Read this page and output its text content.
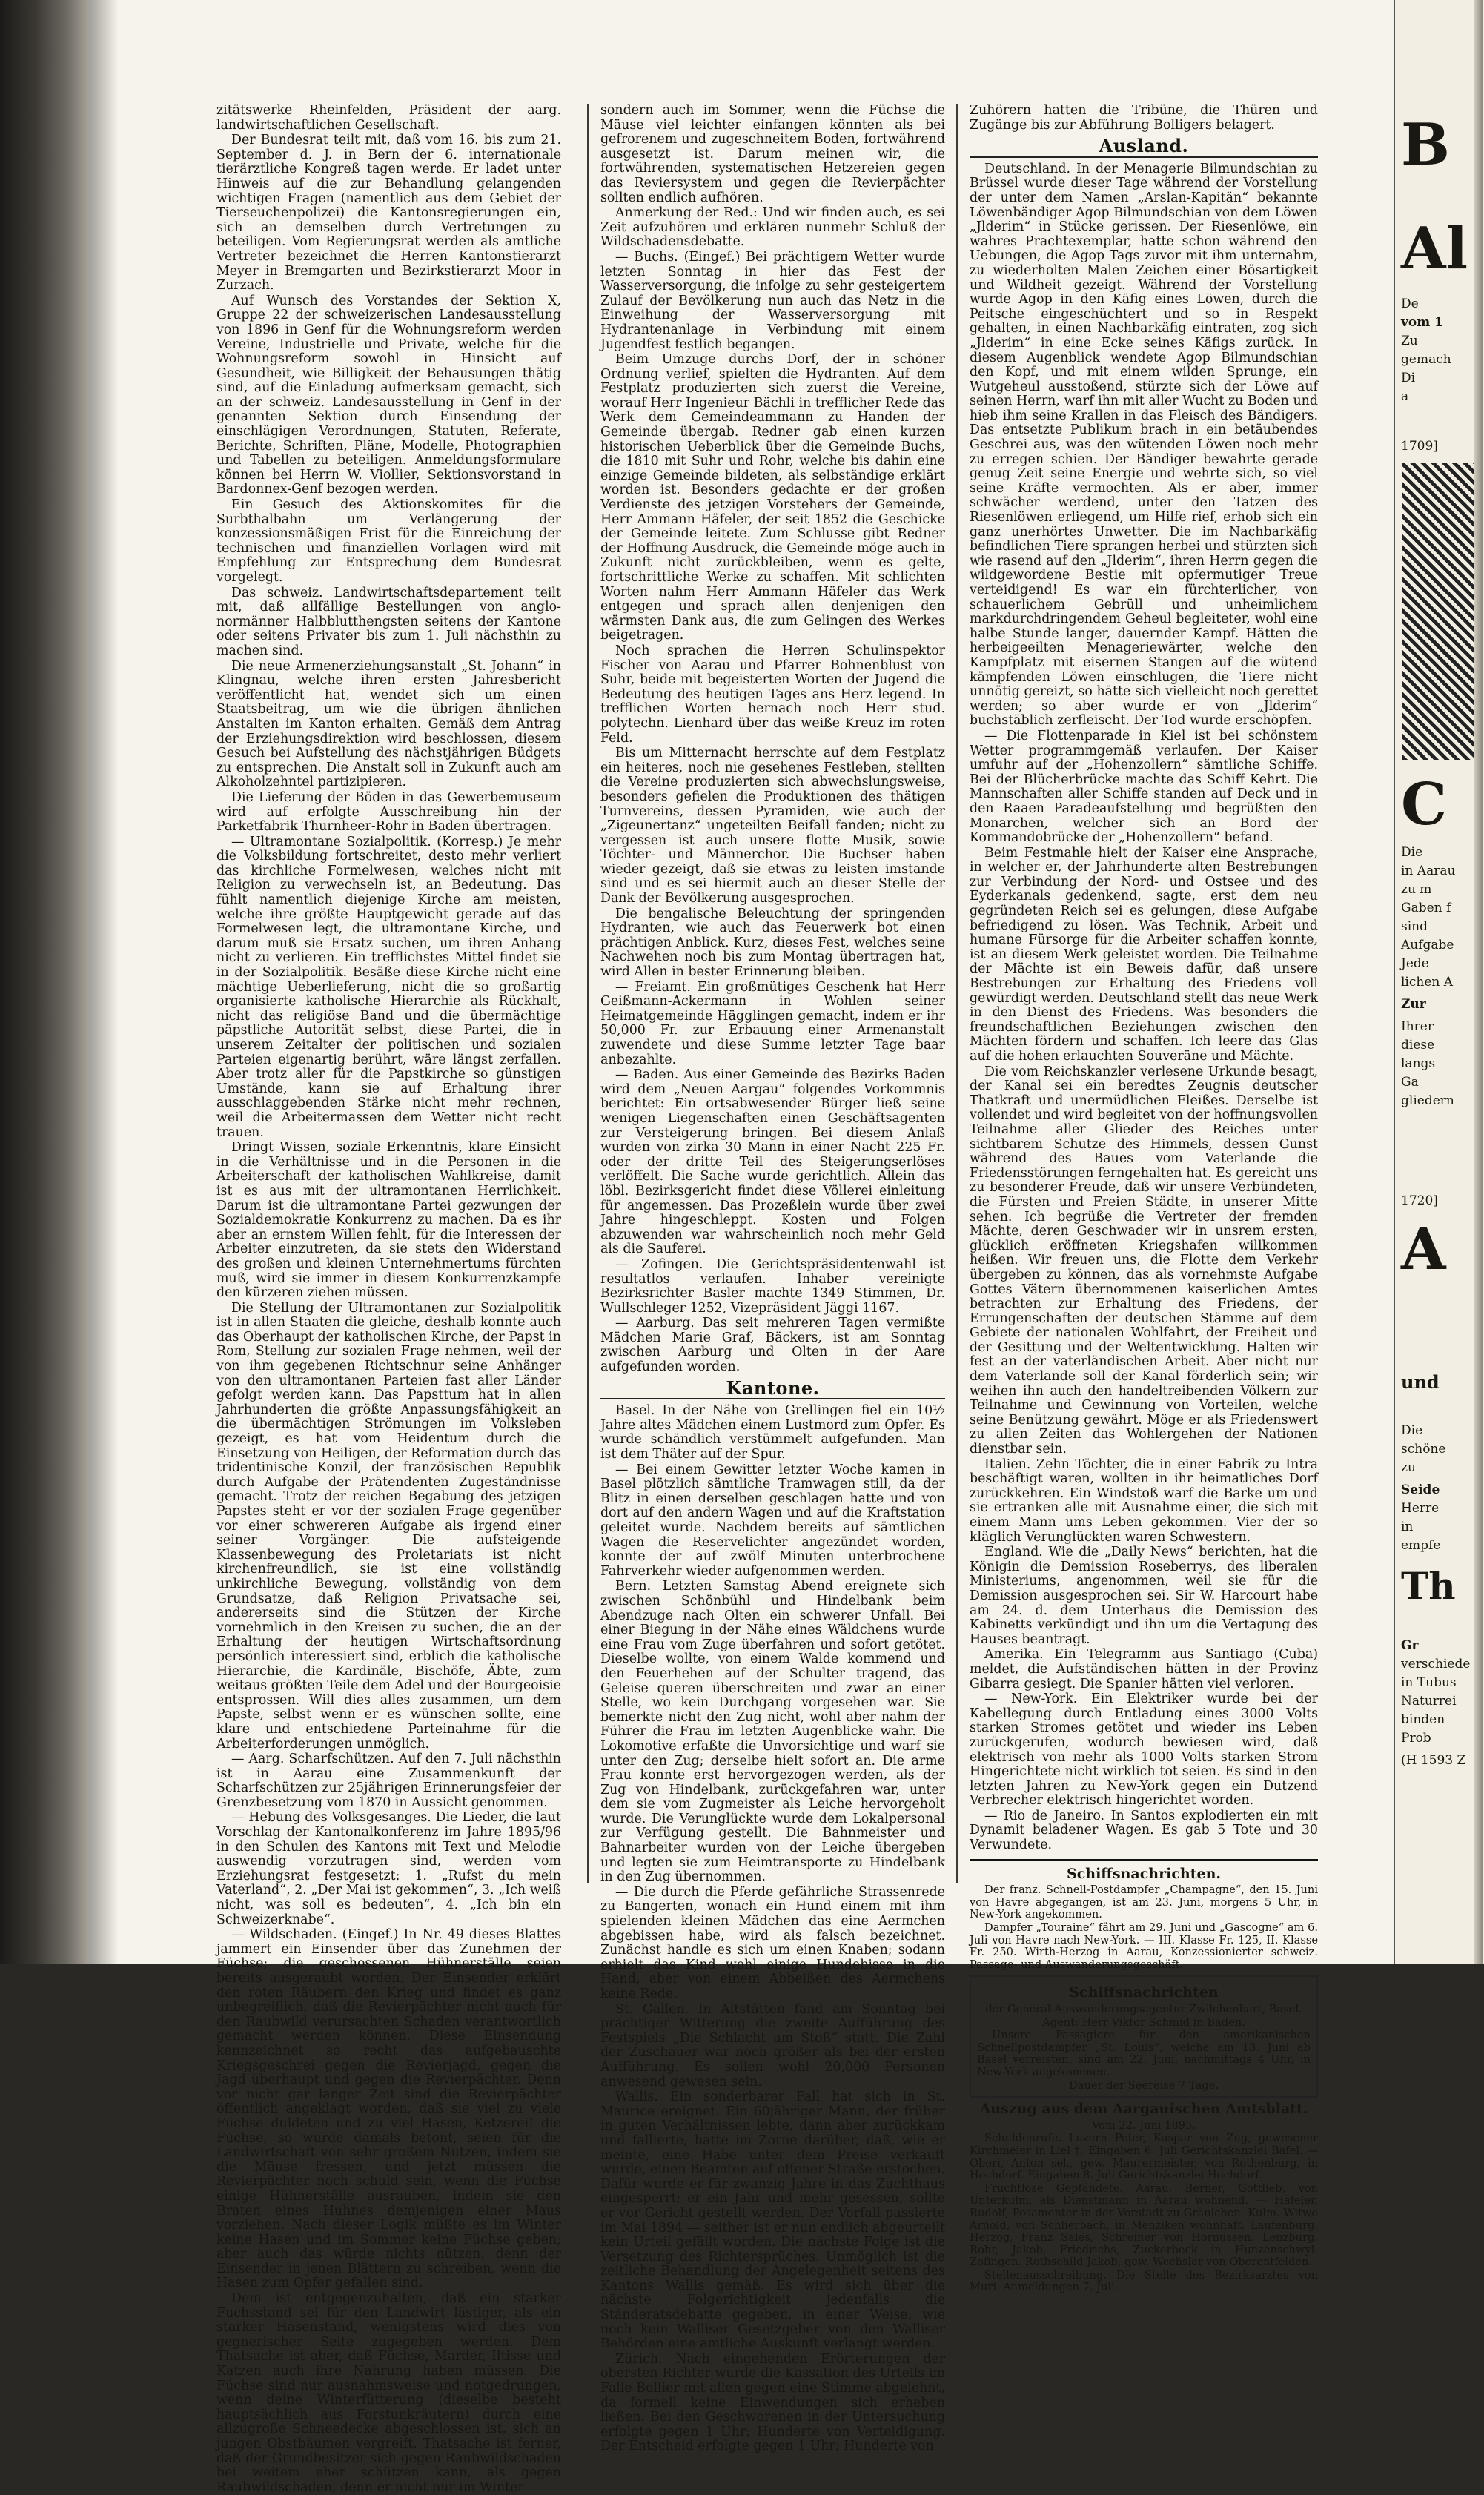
zitätswerke Rheinfelden, Präsident der aarg. landwirtschaftlichen Gesellschaft.

Der Bundesrat teilt mit, daß vom 16. bis zum 21. September d. J. in Bern der 6. internationale tierärztliche Kongreß tagen werde. Er ladet unter Hinweis auf die zur Behandlung gelangenden wichtigen Fragen (namentlich aus dem Gebiet der Tierseuchenpolizei) die Kantonsregierungen ein, sich an demselben durch Vertretungen zu beteiligen. Vom Regierungsrat werden als amtliche Vertreter bezeichnet die Herren Kantonstierarzt Meyer in Bremgarten und Bezirkstierarzt Moor in Zurzach.

Auf Wunsch des Vorstandes der Sektion X, Gruppe 22 der schweizerischen Landesausstellung von 1896 in Genf für die Wohnungsreform werden Vereine, Industrielle und Private, welche für die Wohnungsreform sowohl in Hinsicht auf Gesundheit, wie Billigkeit der Behausungen thätig sind, auf die Einladung aufmerksam gemacht, sich an der schweiz. Landesausstellung in Genf in der genannten Sektion durch Einsendung der einschlägigen Verordnungen, Statuten, Referate, Berichte, Schriften, Pläne, Modelle, Photographien und Tabellen zu beteiligen. Anmeldungsformulare können bei Herrn W. Viollier, Sektionsvorstand in Bardonnex-Genf bezogen werden.

Ein Gesuch des Aktionskomites für die Surbthalbahn um Verlängerung der konzessionsmäßigen Frist für die Einreichung der technischen und finanziellen Vorlagen wird mit Empfehlung zur Entsprechung dem Bundesrat vorgelegt.

Das schweiz. Landwirtschaftsdepartement teilt mit, daß allfällige Bestellungen von anglo-normänner Halbblutthengsten seitens der Kantone oder seitens Privater bis zum 1. Juli nächsthin zu machen sind.

Die neue Armenerziehungsanstalt „St. Johann“ in Klingnau, welche ihren ersten Jahresbericht veröffentlicht hat, wendet sich um einen Staatsbeitrag, um wie die übrigen ähnlichen Anstalten im Kanton erhalten. Gemäß dem Antrag der Erziehungsdirektion wird beschlossen, diesem Gesuch bei Aufstellung des nächstjährigen Büdgets zu entsprechen. Die Anstalt soll in Zukunft auch am Alkoholzehntel partizipieren.

Die Lieferung der Böden in das Gewerbemuseum wird auf erfolgte Ausschreibung hin der Parketfabrik Thurnheer-Rohr in Baden übertragen.

— Ultramontane Sozialpolitik. (Korresp.) Je mehr die Volksbildung fortschreitet, desto mehr verliert das kirchliche Formelwesen, welches nicht mit Religion zu verwechseln ist, an Bedeutung. Das fühlt namentlich diejenige Kirche am meisten, welche ihre größte Hauptgewicht gerade auf das Formelwesen legt, die ultramontane Kirche, und darum muß sie Ersatz suchen, um ihren Anhang nicht zu verlieren. Ein trefflichstes Mittel findet sie in der Sozialpolitik. Besäße diese Kirche nicht eine mächtige Ueberlieferung, nicht die so großartig organisierte katholische Hierarchie als Rückhalt, nicht das religiöse Band und die übermächtige päpstliche Autorität selbst, diese Partei, die in unserem Zeitalter der politischen und sozialen Parteien eigenartig berührt, wäre längst zerfallen. Aber trotz aller für die Papstkirche so günstigen Umstände, kann sie auf Erhaltung ihrer ausschlaggebenden Stärke nicht mehr rechnen, weil die Arbeitermassen dem Wetter nicht recht trauen.

Dringt Wissen, soziale Erkenntnis, klare Einsicht in die Verhältnisse und in die Personen in die Arbeiterschaft der katholischen Wahlkreise, damit ist es aus mit der ultramontanen Herrlichkeit. Darum ist die ultramontane Partei gezwungen der Sozialdemokratie Konkurrenz zu machen. Da es ihr aber an ernstem Willen fehlt, für die Interessen der Arbeiter einzutreten, da sie stets den Widerstand des großen und kleinen Unternehmertums fürchten muß, wird sie immer in diesem Konkurrenzkampfe den kürzeren ziehen müssen.

Die Stellung der Ultramontanen zur Sozialpolitik ist in allen Staaten die gleiche, deshalb konnte auch das Oberhaupt der katholischen Kirche, der Papst in Rom, Stellung zur sozialen Frage nehmen, weil der von ihm gegebenen Richtschnur seine Anhänger von den ultramontanen Parteien fast aller Länder gefolgt werden kann. Das Papsttum hat in allen Jahrhunderten die größte Anpassungsfähigkeit an die übermächtigen Strömungen im Volksleben gezeigt, es hat vom Heidentum durch die Einsetzung von Heiligen, der Reformation durch das tridentinische Konzil, der französischen Republik durch Aufgabe der Prätendenten Zugeständnisse gemacht. Trotz der reichen Begabung des jetzigen Papstes steht er vor der sozialen Frage gegenüber vor einer schwereren Aufgabe als irgend einer seiner Vorgänger. Die aufsteigende Klassenbewegung des Proletariats ist nicht kirchenfreundlich, sie ist eine vollständig unkirchliche Bewegung, vollständig von dem Grundsatze, daß Religion Privatsache sei, andererseits sind die Stützen der Kirche vornehmlich in den Kreisen zu suchen, die an der Erhaltung der heutigen Wirtschaftsordnung persönlich interessiert sind, erblich die katholische Hierarchie, die Kardinäle, Bischöfe, Äbte, zum weitaus größten Teile dem Adel und der Bourgeoisie entsprossen. Will dies alles zusammen, um dem Papste, selbst wenn er es wünschen sollte, eine klare und entschiedene Parteinahme für die Arbeiterforderungen unmöglich.

— Aarg. Scharfschützen. Auf den 7. Juli nächsthin ist in Aarau eine Zusammenkunft der Scharfschützen zur 25jährigen Erinnerungsfeier der Grenzbesetzung vom 1870 in Aussicht genommen.

— Hebung des Volksgesanges. Die Lieder, die laut Vorschlag der Kantonalkonferenz im Jahre 1895/96 in den Schulen des Kantons mit Text und Melodie auswendig vorzutragen sind, werden vom Erziehungsrat festgesetzt: 1. „Rufst du mein Vaterland“, 2. „Der Mai ist gekommen“, 3. „Ich weiß nicht, was soll es bedeuten“, 4. „Ich bin ein Schweizerknabe“.

— Wildschaden. (Eingef.) In Nr. 49 dieses Blattes jammert ein Einsender über das Zunehmen der Füchse; die geschossenen Hühnerställe seien bereits ausgeraubt worden. Der Einsender erklärt den roten Räubern den Krieg und findet es ganz unbegreiflich, daß die Revierpächter nicht auch für den Raubwild verursachten Schaden verantwortlich gemacht werden können. Diese Einsendung kennzeichnet so recht das aufgebauschte Kriegsgeschrei gegen die Revierjagd, gegen die Jagd überhaupt und gegen die Revierpächter. Denn vor nicht gar langer Zeit sind die Revierpächter öffentlich angeklagt worden, daß sie viel zu viele Füchse duldeten und zu viel Hasen, Ketzerei! die Füchse, so wurde damals betont, seien für die Landwirtschaft von sehr großem Nutzen, indem sie die Mäuse fressen, und jetzt müssen die Revierpächter noch schuld sein, wenn die Füchse einige Hühnerställe ausrauben, indem sie den Braten eines Huhnes demjenigen einer Maus vorziehen. Nach dieser Logik müßte es im Winter keine Hasen und im Sommer keine Füchse geben; aber auch das würde nichts nützen, denn der Einsender in jenen Blättern zu schreiben, wenn die Hasen zum Opfer gefallen sind.

Dem ist entgegenzuhalten, daß ein starker Fuchsstand sei für den Landwirt lästiger, als ein starker Hasenstand, wenigstens wird dies von gegnerischer Seite zugegeben werden. Dem Thatsache ist aber, daß Füchse, Marder, Iltisse und Katzen auch ihre Nahrung haben müssen. Die Füchse sind nur ausnahmsweise und notgedrungen, wenn deine Winterfütterung (dieselbe besteht hauptsächlich aus Forstunkräutern) durch eine allzugroße Schneedecke abgeschlossen ist, sich an jungen Obstbäumen vergreift. Thatsache ist ferner, daß der Grundbesitzer sich gegen Raubwildschaden bei weitem eher schützen kann, als gegen Raubwildschaden, denn er nicht nur im Winter

sondern auch im Sommer, wenn die Füchse die Mäuse viel leichter einfangen könnten als bei gefrorenem und zugeschneitem Boden, fortwährend ausgesetzt ist. Darum meinen wir, die fortwährenden, systematischen Hetzereien gegen das Reviersystem und gegen die Revierpächter sollten endlich aufhören.

Anmerkung der Red.: Und wir finden auch, es sei Zeit aufzuhören und erklären nunmehr Schluß der Wildschadensdebatte.

— Buchs. (Eingef.) Bei prächtigem Wetter wurde letzten Sonntag in hier das Fest der Wasserversorgung, die infolge zu sehr gesteigertem Zulauf der Bevölkerung nun auch das Netz in die Einweihung der Wasserversorgung mit Hydrantenanlage in Verbindung mit einem Jugendfest festlich begangen.

Beim Umzuge durchs Dorf, der in schöner Ordnung verlief, spielten die Hydranten. Auf dem Festplatz produzierten sich zuerst die Vereine, worauf Herr Ingenieur Bächli in trefflicher Rede das Werk dem Gemeindeammann zu Handen der Gemeinde übergab. Redner gab einen kurzen historischen Ueberblick über die Gemeinde Buchs, die 1810 mit Suhr und Rohr, welche bis dahin eine einzige Gemeinde bildeten, als selbständige erklärt worden ist. Besonders gedachte er der großen Verdienste des jetzigen Vorstehers der Gemeinde, Herr Ammann Häfeler, der seit 1852 die Geschicke der Gemeinde leitete. Zum Schlusse gibt Redner der Hoffnung Ausdruck, die Gemeinde möge auch in Zukunft nicht zurückbleiben, wenn es gelte, fortschrittliche Werke zu schaffen. Mit schlichten Worten nahm Herr Ammann Häfeler das Werk entgegen und sprach allen denjenigen den wärmsten Dank aus, die zum Gelingen des Werkes beigetragen.

Noch sprachen die Herren Schulinspektor Fischer von Aarau und Pfarrer Bohnenblust von Suhr, beide mit begeisterten Worten der Jugend die Bedeutung des heutigen Tages ans Herz legend. In trefflichen Worten hernach noch Herr stud. polytechn. Lienhard über das weiße Kreuz im roten Feld.

Bis um Mitternacht herrschte auf dem Festplatz ein heiteres, noch nie gesehenes Festleben, stellten die Vereine produzierten sich abwechslungsweise, besonders gefielen die Produktionen des thätigen Turnvereins, dessen Pyramiden, wie auch der „Zigeunertanz“ ungeteilten Beifall fanden; nicht zu vergessen ist auch unsere flotte Musik, sowie Töchter- und Männerchor. Die Buchser haben wieder gezeigt, daß sie etwas zu leisten imstande sind und es sei hiermit auch an dieser Stelle der Dank der Bevölkerung ausgesprochen.

Die bengalische Beleuchtung der springenden Hydranten, wie auch das Feuerwerk bot einen prächtigen Anblick. Kurz, dieses Fest, welches seine Nachwehen noch bis zum Montag übertragen hat, wird Allen in bester Erinnerung bleiben.

— Freiamt. Ein großmütiges Geschenk hat Herr Geißmann-Ackermann in Wohlen seiner Heimatgemeinde Hägglingen gemacht, indem er ihr 50,000 Fr. zur Erbauung einer Armenanstalt zuwendete und diese Summe letzter Tage baar anbezahlte.

— Baden. Aus einer Gemeinde des Bezirks Baden wird dem „Neuen Aargau“ folgendes Vorkommnis berichtet: Ein ortsabwesender Bürger ließ seine wenigen Liegenschaften einen Geschäftsagenten zur Versteigerung bringen. Bei diesem Anlaß wurden von zirka 30 Mann in einer Nacht 225 Fr. oder der dritte Teil des Steigerungserlöses verlöffelt. Die Sache wurde gerichtlich. Allein das löbl. Bezirksgericht findet diese Völlerei einleitung für angemessen. Das Prozeßlein wurde über zwei Jahre hingeschleppt. Kosten und Folgen abzuwenden war wahrscheinlich noch mehr Geld als die Sauferei.

— Zofingen. Die Gerichtspräsidentenwahl ist resultatlos verlaufen. Inhaber vereinigte Bezirksrichter Basler machte 1349 Stimmen, Dr. Wullschleger 1252, Vizepräsident Jäggi 1167.

— Aarburg. Das seit mehreren Tagen vermißte Mädchen Marie Graf, Bäckers, ist am Sonntag zwischen Aarburg und Olten in der Aare aufgefunden worden.

Kantone.

Basel. In der Nähe von Grellingen fiel ein 10½ Jahre altes Mädchen einem Lustmord zum Opfer. Es wurde schändlich verstümmelt aufgefunden. Man ist dem Thäter auf der Spur.

— Bei einem Gewitter letzter Woche kamen in Basel plötzlich sämtliche Tramwagen still, da der Blitz in einen derselben geschlagen hatte und von dort auf den andern Wagen und auf die Kraftstation geleitet wurde. Nachdem bereits auf sämtlichen Wagen die Reservelichter angezündet worden, konnte der auf zwölf Minuten unterbrochene Fahrverkehr wieder aufgenommen werden.

Bern. Letzten Samstag Abend ereignete sich zwischen Schönbühl und Hindelbank beim Abendzuge nach Olten ein schwerer Unfall. Bei einer Biegung in der Nähe eines Wäldchens wurde eine Frau vom Zuge überfahren und sofort getötet. Dieselbe wollte, von einem Walde kommend und den Feuerhehen auf der Schulter tragend, das Geleise queren überschreiten und zwar an einer Stelle, wo kein Durchgang vorgesehen war. Sie bemerkte nicht den Zug nicht, wohl aber nahm der Führer die Frau im letzten Augenblicke wahr. Die Lokomotive erfaßte die Unvorsichtige und warf sie unter den Zug; derselbe hielt sofort an. Die arme Frau konnte erst hervorgezogen werden, als der Zug von Hindelbank, zurückgefahren war, unter dem sie vom Zugmeister als Leiche hervorgeholt wurde. Die Verunglückte wurde dem Lokalpersonal zur Verfügung gestellt. Die Bahnmeister und Bahnarbeiter wurden von der Leiche übergeben und legten sie zum Heimtransporte zu Hindelbank in den Zug übernommen.

— Die durch die Pferde gefährliche Strassenrede zu Bangerten, wonach ein Hund einem mit ihm spielenden kleinen Mädchen das eine Aermchen abgebissen habe, wird als falsch bezeichnet. Zunächst handle es sich um einen Knaben; sodann erhielt das Kind wohl einige Hundebisse in die Hand, aber von einem Abbeißen des Aermchens keine Rede.

St. Gallen. In Altstätten fand am Sonntag bei prächtiger Witterung die zweite Aufführung des Festspiels „Die Schlacht am Stoß“ statt. Die Zahl der Zuschauer war noch größer als bei der ersten Aufführung. Es sollen wohl 20,000 Personen anwesend gewesen sein.

Wallis. Ein sonderbarer Fall hat sich in St. Maurice ereignet. Ein 60jähriger Mann, der früher in guten Verhältnissen lebte, dann aber zurückkam und fallierte, hatte im Zorne darüber, daß, wie er meinte, eine Habe unter dem Preise verkauft wurde, einen Beamten auf offener Straße erstochen. Dafür wurde er für zwanzig Jahre in das Zuchthaus eingesperrt; er ein Jahr und mehr gesessen, sollte er vor Gericht gestellt werden. Der Vorfall passierte im Mai 1894 — seither ist er nun endlich abgeurteilt kein Urteil gefällt worden. Die nächste Folge ist die Versetzung des Richtersprüches. Unmöglich ist die zeitliche Behandlung der Angelegenheit seitens des Kantons Wallis gemäß. Es wird sich über die nächste Folgerichtigkeit jedenfalls die Ständeratsdebatte gegeben, in einer Weise, wie noch kein Walliser Gesetzgeber von den Walliser Behörden eine amtliche Auskunft verlangt werden.

Zürich. Nach eingehenden Erörterungen der obersten Richter wurde die Kassation des Urteils im Falle Bollier mit allen gegen eine Stimme abgelehnt, da formell keine Einwendungen sich erheben ließen. Bei den Geschworenen in der Untersuchung erfolgte gegen 1 Uhr; Hunderte von Verteidigung. Der Entscheid erfolgte gegen 1 Uhr; Hunderte von

Zuhörern hatten die Tribüne, die Thüren und Zugänge bis zur Abführung Bolligers belagert.

Ausland.

Deutschland. In der Menagerie Bilmundschian zu Brüssel wurde dieser Tage während der Vorstellung der unter dem Namen „Arslan-Kapitän“ bekannte Löwenbändiger Agop Bilmundschian von dem Löwen „Jlderim“ in Stücke gerissen. Der Riesenlöwe, ein wahres Prachtexemplar, hatte schon während den Uebungen, die Agop Tags zuvor mit ihm unternahm, zu wiederholten Malen Zeichen einer Bösartigkeit und Wildheit gezeigt. Während der Vorstellung wurde Agop in den Käfig eines Löwen, durch die Peitsche eingeschüchtert und so in Respekt gehalten, in einen Nachbarkäfig eintraten, zog sich „Jlderim“ in eine Ecke seines Käfigs zurück. In diesem Augenblick wendete Agop Bilmundschian den Kopf, und mit einem wilden Sprunge, ein Wutgeheul ausstoßend, stürzte sich der Löwe auf seinen Herrn, warf ihn mit aller Wucht zu Boden und hieb ihm seine Krallen in das Fleisch des Bändigers. Das entsetzte Publikum brach in ein betäubendes Geschrei aus, was den wütenden Löwen noch mehr zu erregen schien. Der Bändiger bewahrte gerade genug Zeit seine Energie und wehrte sich, so viel seine Kräfte vermochten. Als er aber, immer schwächer werdend, unter den Tatzen des Riesenlöwen erliegend, um Hilfe rief, erhob sich ein ganz unerhörtes Unwetter. Die im Nachbarkäfig befindlichen Tiere sprangen herbei und stürzten sich wie rasend auf den „Jlderim“, ihren Herrn gegen die wildgewordene Bestie mit opfermutiger Treue verteidigend! Es war ein fürchterlicher, von schauerlichem Gebrüll und unheimlichem markdurchdringendem Geheul begleiteter, wohl eine halbe Stunde langer, dauernder Kampf. Hätten die herbeigeeilten Menageriewärter, welche den Kampfplatz mit eisernen Stangen auf die wütend kämpfenden Löwen einschlugen, die Tiere nicht unnötig gereizt, so hätte sich vielleicht noch gerettet werden; so aber wurde er von „Jlderim“ buchstäblich zerfleischt. Der Tod wurde erschöpfen.

— Die Flottenparade in Kiel ist bei schönstem Wetter programmgemäß verlaufen. Der Kaiser umfuhr auf der „Hohenzollern“ sämtliche Schiffe. Bei der Blücherbrücke machte das Schiff Kehrt. Die Mannschaften aller Schiffe standen auf Deck und in den Raaen Paradeaufstellung und begrüßten den Monarchen, welcher sich an Bord der Kommandobrücke der „Hohenzollern“ befand.

Beim Festmahle hielt der Kaiser eine Ansprache, in welcher er, der Jahrhunderte alten Bestrebungen zur Verbindung der Nord- und Ostsee und des Eyderkanals gedenkend, sagte, erst dem neu gegründeten Reich sei es gelungen, diese Aufgabe befriedigend zu lösen. Was Technik, Arbeit und humane Fürsorge für die Arbeiter schaffen konnte, ist an diesem Werk geleistet worden. Die Teilnahme der Mächte ist ein Beweis dafür, daß unsere Bestrebungen zur Erhaltung des Friedens voll gewürdigt werden. Deutschland stellt das neue Werk in den Dienst des Friedens. Was besonders die freundschaftlichen Beziehungen zwischen den Mächten fördern und schaffen. Ich leere das Glas auf die hohen erlauchten Souveräne und Mächte.

Die vom Reichskanzler verlesene Urkunde besagt, der Kanal sei ein beredtes Zeugnis deutscher Thatkraft und unermüdlichen Fleißes. Derselbe ist vollendet und wird begleitet von der hoffnungsvollen Teilnahme aller Glieder des Reiches unter sichtbarem Schutze des Himmels, dessen Gunst während des Baues vom Vaterlande die Friedensstörungen ferngehalten hat. Es gereicht uns zu besonderer Freude, daß wir unsere Verbündeten, die Fürsten und Freien Städte, in unserer Mitte sehen. Ich begrüße die Vertreter der fremden Mächte, deren Geschwader wir in unsrem ersten, glücklich eröffneten Kriegshafen willkommen heißen. Wir freuen uns, die Flotte dem Verkehr übergeben zu können, das als vornehmste Aufgabe Gottes Vätern übernommenen kaiserlichen Amtes betrachten zur Erhaltung des Friedens, der Errungenschaften der deutschen Stämme auf dem Gebiete der nationalen Wohlfahrt, der Freiheit und der Gesittung und der Weltentwicklung. Halten wir fest an der vaterländischen Arbeit. Aber nicht nur dem Vaterlande soll der Kanal förderlich sein; wir weihen ihn auch den handeltreibenden Völkern zur Teilnahme und Gewinnung von Vorteilen, welche seine Benützung gewährt. Möge er als Friedenswert zu allen Zeiten das Wohlergehen der Nationen dienstbar sein.

Italien. Zehn Töchter, die in einer Fabrik zu Intra beschäftigt waren, wollten in ihr heimatliches Dorf zurückkehren. Ein Windstoß warf die Barke um und sie ertranken alle mit Ausnahme einer, die sich mit einem Mann ums Leben gekommen. Vier der so kläglich Verunglückten waren Schwestern.

England. Wie die „Daily News“ berichten, hat die Königin die Demission Roseberrys, des liberalen Ministeriums, angenommen, weil sie für die Demission ausgesprochen sei. Sir W. Harcourt habe am 24. d. dem Unterhaus die Demission des Kabinetts verkündigt und ihn um die Vertagung des Hauses beantragt.

Amerika. Ein Telegramm aus Santiago (Cuba) meldet, die Aufständischen hätten in der Provinz Gibarra gesiegt. Die Spanier hätten viel verloren.

— New-York. Ein Elektriker wurde bei der Kabellegung durch Entladung eines 3000 Volts starken Stromes getötet und wieder ins Leben zurückgerufen, wodurch bewiesen wird, daß elektrisch von mehr als 1000 Volts starken Strom Hingerichtete nicht wirklich tot seien. Es sind in den letzten Jahren zu New-York gegen ein Dutzend Verbrecher elektrisch hingerichtet worden.

— Rio de Janeiro. In Santos explodierten ein mit Dynamit beladener Wagen. Es gab 5 Tote und 30 Verwundete.

Schiffsnachrichten.

Der franz. Schnell-Postdampfer „Champagne“, den 15. Juni von Havre abgegangen, ist am 23. Juni, morgens 5 Uhr, in New-York angekommen.

Dampfer „Touraine“ fährt am 29. Juni und „Gascogne“ am 6. Juli von Havre nach New-York. — III. Klasse Fr. 125, II. Klasse Fr. 250. Wirth-Herzog in Aarau, Konzessionierter schweiz. Passage- und Auswanderungsgeschäft.

Schiffsnachrichten

der General-Auswanderungsagentur Zwilchenbart, Basel.

Agent: Herr Viktor Schmid in Baden.

Unsere Passagiere für den amerikanischen Schnellpostdampfer „St. Louis“, welche am 13. Juni ab Basel verreisten, sind am 22. Juni, nachmittags 4 Uhr, in New-York angekommen.

Dauer der Seereise 7 Tage.

Auszug aus dem Aargauischen Amtsblatt.

Vom 22. Juni 1895.

Schuldenrufe. Luzern Peter, Kaspar von Zug, gewesener Kirchmeier in Liel †. Eingaben 6. Juli Gerichtskanzlei Bafel. — Obori, Anton sel., gew. Maurermeister, von Rothenburg, in Hochdorf. Eingaben 8. Juli Gerichtskanzlei Hochdorf.

Fruchtlose Gepfändete. Aarau. Berner, Gottlieb, von Unterkulm, als Dienstmann in Aarau wohnend. — Häfeler, Rudolf, Posamenter in der Vorstadt zu Gränichen. Kulm. Witwe Arnold, von Schlierbach, in Menziken wohnhaft. Laufenburg. Herzog, Franz Sales, Schreiner von Hornussen. Lenzburg. Rohr, Jakob, Friedrichs, Zuckerbeck in Hunzenschwyl. Zofingen. Rothschild Jakob, gew. Wechsler von Oberentfelden.

Stellenausschreibung. Die Stelle des Bezirksarztes von Muri. Anmeldungen 7. Juli.

B
Al
De
vom 1
Zu
gemach
Di
a
1709]
C
Die
in Aarau
zu m
Gaben f
sind
Aufgabe
Jede
lichen A
Zur
Ihrer
diese
langs
Ga
gliedern
1720]
A
und
Die
schöne
zu
Seide
Herre
in
empfe
Th
Gr
verschiede
in Tubus
Naturrei
binden
Prob
(H 1593 Z
